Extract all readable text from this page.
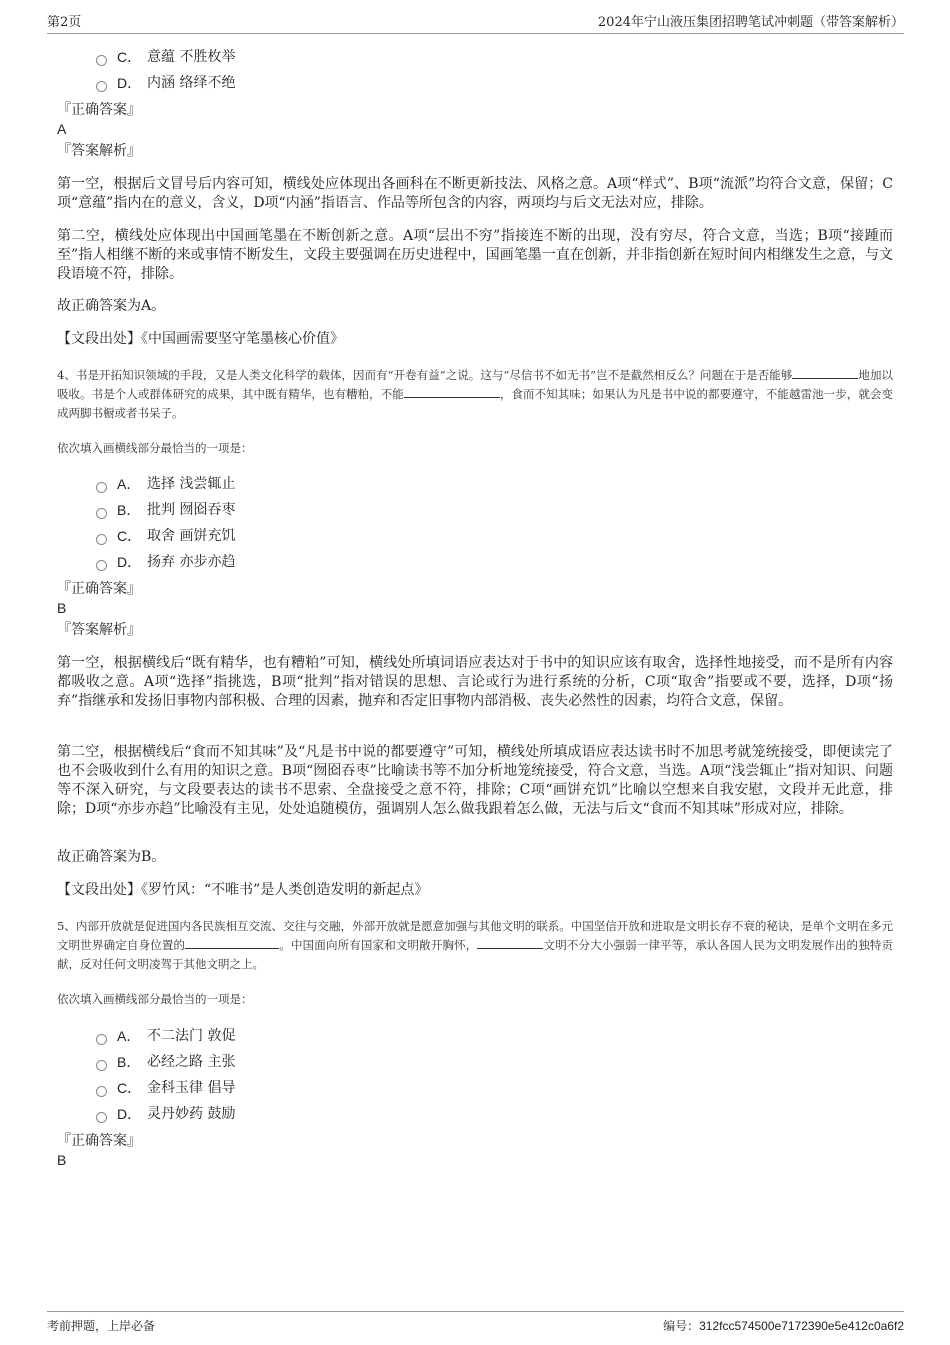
第2页	2024年宁山液压集团招聘笔试冲刺题（带答案解析）
C． 意蕴 不胜枚举
D． 内涵 络绎不绝
『正确答案』
A
『答案解析』
第一空，根据后文冒号后内容可知，横线处应体现出各画科在不断更新技法、风格之意。A项“样式”、B项“流派”均符合文意，保留；C项“意蕴”指内在的意义，含义，D项“内涵”指语言、作品等所包含的内容，两项均与后文无法对应，排除。
第二空，横线处应体现出中国画笔墨在不断创新之意。A项“层出不穷”指接连不断的出现，没有穷尽，符合文意，当选；B项“接踵而至”指人相继不断的来或事情不断发生，文段主要强调在历史进程中，国画笔墨一直在创新，并非指创新在短时间内相继发生之意，与文段语境不符，排除。
故正确答案为A。
【文段出处】《中国画需要坚守笔墨核心价值》
4、书是开拓知识领域的手段，又是人类文化科学的载体，因而有“开卷有益”之说。这与“尽信书不如无书”岂不是截然相反么？问题在于是否能够	地加以吸收。书是个人或群体研究的成果，其中既有精华，也有糟粕，不能	，食而不知其味；如果认为凡是书中说的都要遵守，不能越雷池一步，就会变成两脚书橱或者书呆子。
依次填入画横线部分最恰当的一项是：
A． 选择 浅尝辄止
B． 批判 囫囵吞枣
C． 取舍 画饼充饥
D． 扬弃 亦步亦趋
『正确答案』
B
『答案解析』
第一空，根据横线后“既有精华，也有糟粕”可知，横线处所填词语应表达对于书中的知识应该有取舍，选择性地接受，而不是所有内容都吸收之意。A项“选择”指挑选，B项“批判”指对错误的思想、言论或行为进行系统的分析，C项“取舍”指要或不要，选择，D项“扬弃”指继承和发扬旧事物内部积极、合理的因素，抛弃和否定旧事物内部消极、丧失必然性的因素，均符合文意，保留。
第二空，根据横线后“食而不知其味”及“凡是书中说的都要遵守”可知，横线处所填成语应表达读书时不加思考就笼统接受，即便读完了也不会吸收到什么有用的知识之意。B项“囫囵吞枣”比喻读书等不加分析地笼统接受，符合文意，当选。A项“浅尝辄止”指对知识、问题等不深入研究，与文段要表达的读书不思索、全盘接受之意不符，排除；C项“画饼充饥”比喻以空想来自我安慰，文段并无此意，排除；D项“亦步亦趋”比喻没有主见，处处追随模仿，强调别人怎么做我跟着怎么做，无法与后文“食而不知其味”形成对应，排除。
故正确答案为B。
【文段出处】《罗竹风：“不唯书”是人类创造发明的新起点》
5、内部开放就是促进国内各民族相互交流、交往与交融，外部开放就是愿意加强与其他文明的联系。中国坚信开放和进取是文明长存不衰的秘诀，是单个文明在多元文明世界确定自身位置的	。中国面向所有国家和文明敞开胸怀，	文明不分大小强弱一律平等，承认各国人民为文明发展作出的独特贡献，反对任何文明凌驾于其他文明之上。
依次填入画横线部分最恰当的一项是：
A． 不二法门 敦促
B． 必经之路 主张
C． 金科玉律 倡导
D． 灵丹妙药 鼓励
『正确答案』
B
考前押题，上岸必备	编号：312fcc574500e7172390e5e412c0a6f2
